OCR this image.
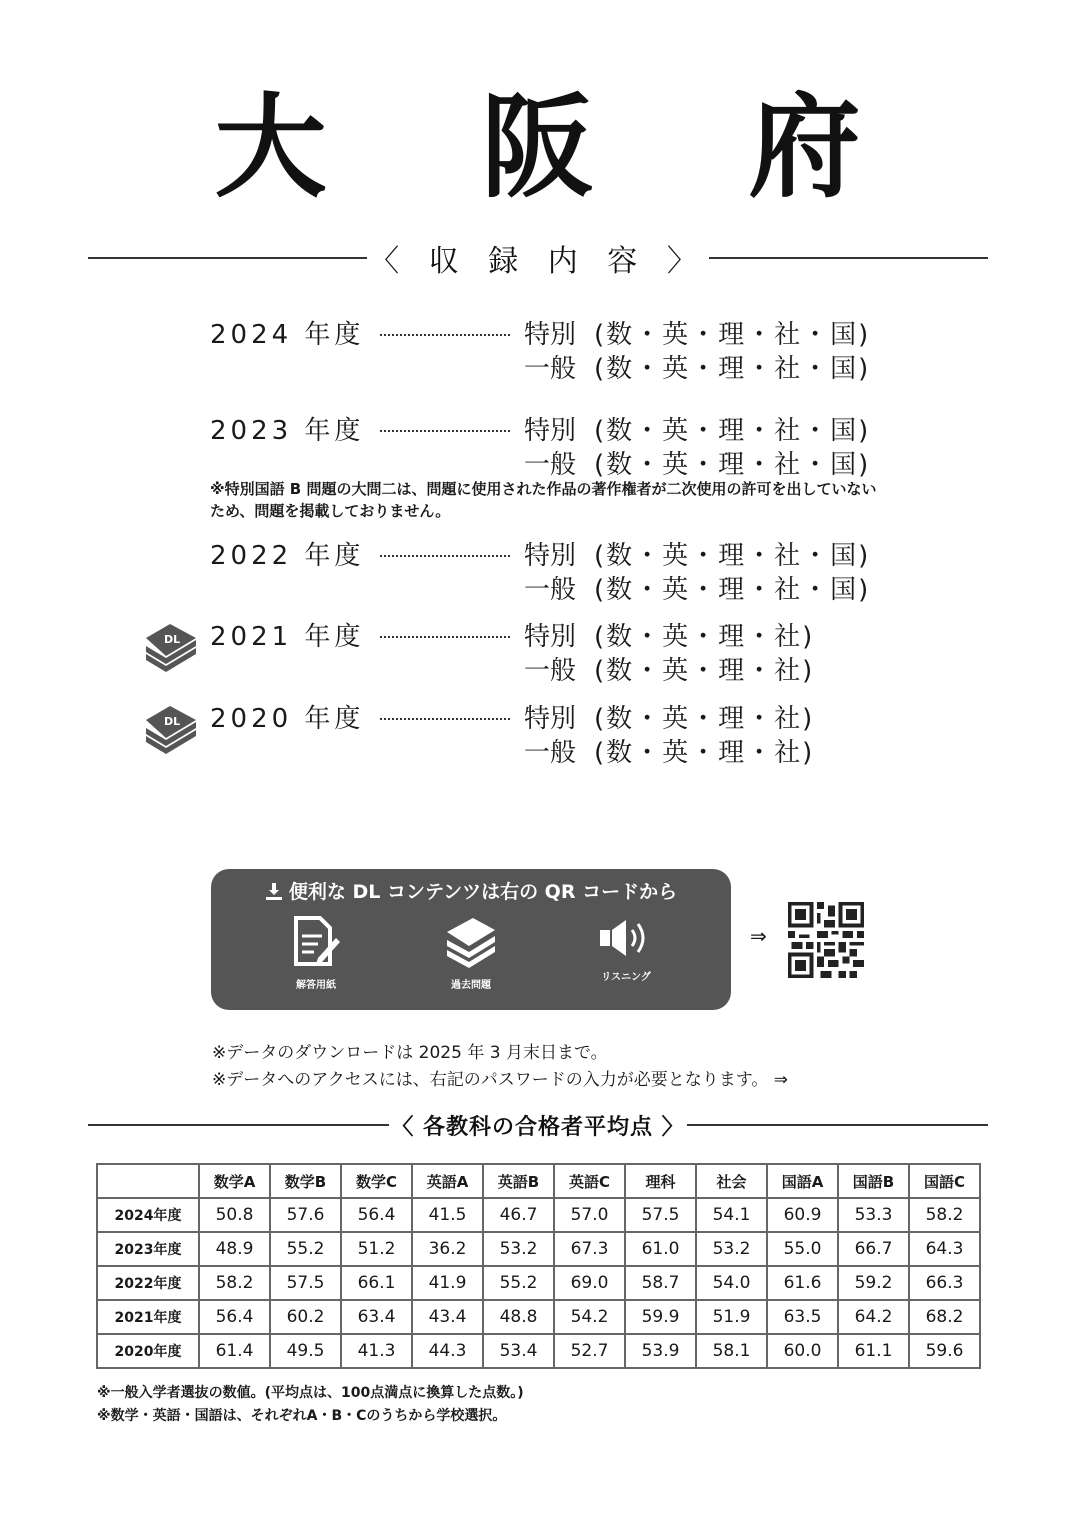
大 阪 府
〈 収 録 内 容 〉
2024 年度	特別 (数・英・理・社・国)
一般 (数・英・理・社・国)
2023 年度	特別 (数・英・理・社・国)
一般 (数・英・理・社・国)
※特別国語 B 問題の大問二は、問題に使用された作品の著作権者が二次使用の許可を出していないため、問題を掲載しておりません。
2022 年度	特別 (数・英・理・社・国)
一般 (数・英・理・社・国)
DL 2021 年度	特別 (数・英・理・社)
一般 (数・英・理・社)
DL 2020 年度	特別 (数・英・理・社)
一般 (数・英・理・社)
便利な DL コンテンツは右の QR コードから
解答用紙	過去問題
リスニング
⇒
※データのダウンロードは 2025 年 3 月末日まで。
※データへのアクセスには、右記のパスワードの入力が必要となります。 ⇒
〈 各教科の合格者平均点 〉
	数学A	数学B	数学C	英語A	英語B	英語C	理科	社会	国語A	国語B	国語C
2024年度	50.8	57.6	56.4	41.5	46.7	57.0	57.5	54.1	60.9	53.3	58.2
2023年度	48.9	55.2	51.2	36.2	53.2	67.3	61.0	53.2	55.0	66.7	64.3
2022年度	58.2	57.5	66.1	41.9	55.2	69.0	58.7	54.0	61.6	59.2	66.3
2021年度	56.4	60.2	63.4	43.4	48.8	54.2	59.9	51.9	63.5	64.2	68.2
2020年度	61.4	49.5	41.3	44.3	53.4	52.7	53.9	58.1	60.0	61.1	59.6
※一般入学者選抜の数値。(平均点は、100点満点に換算した点数。)
※数学・英語・国語は、それぞれA・B・Cのうちから学校選択。
